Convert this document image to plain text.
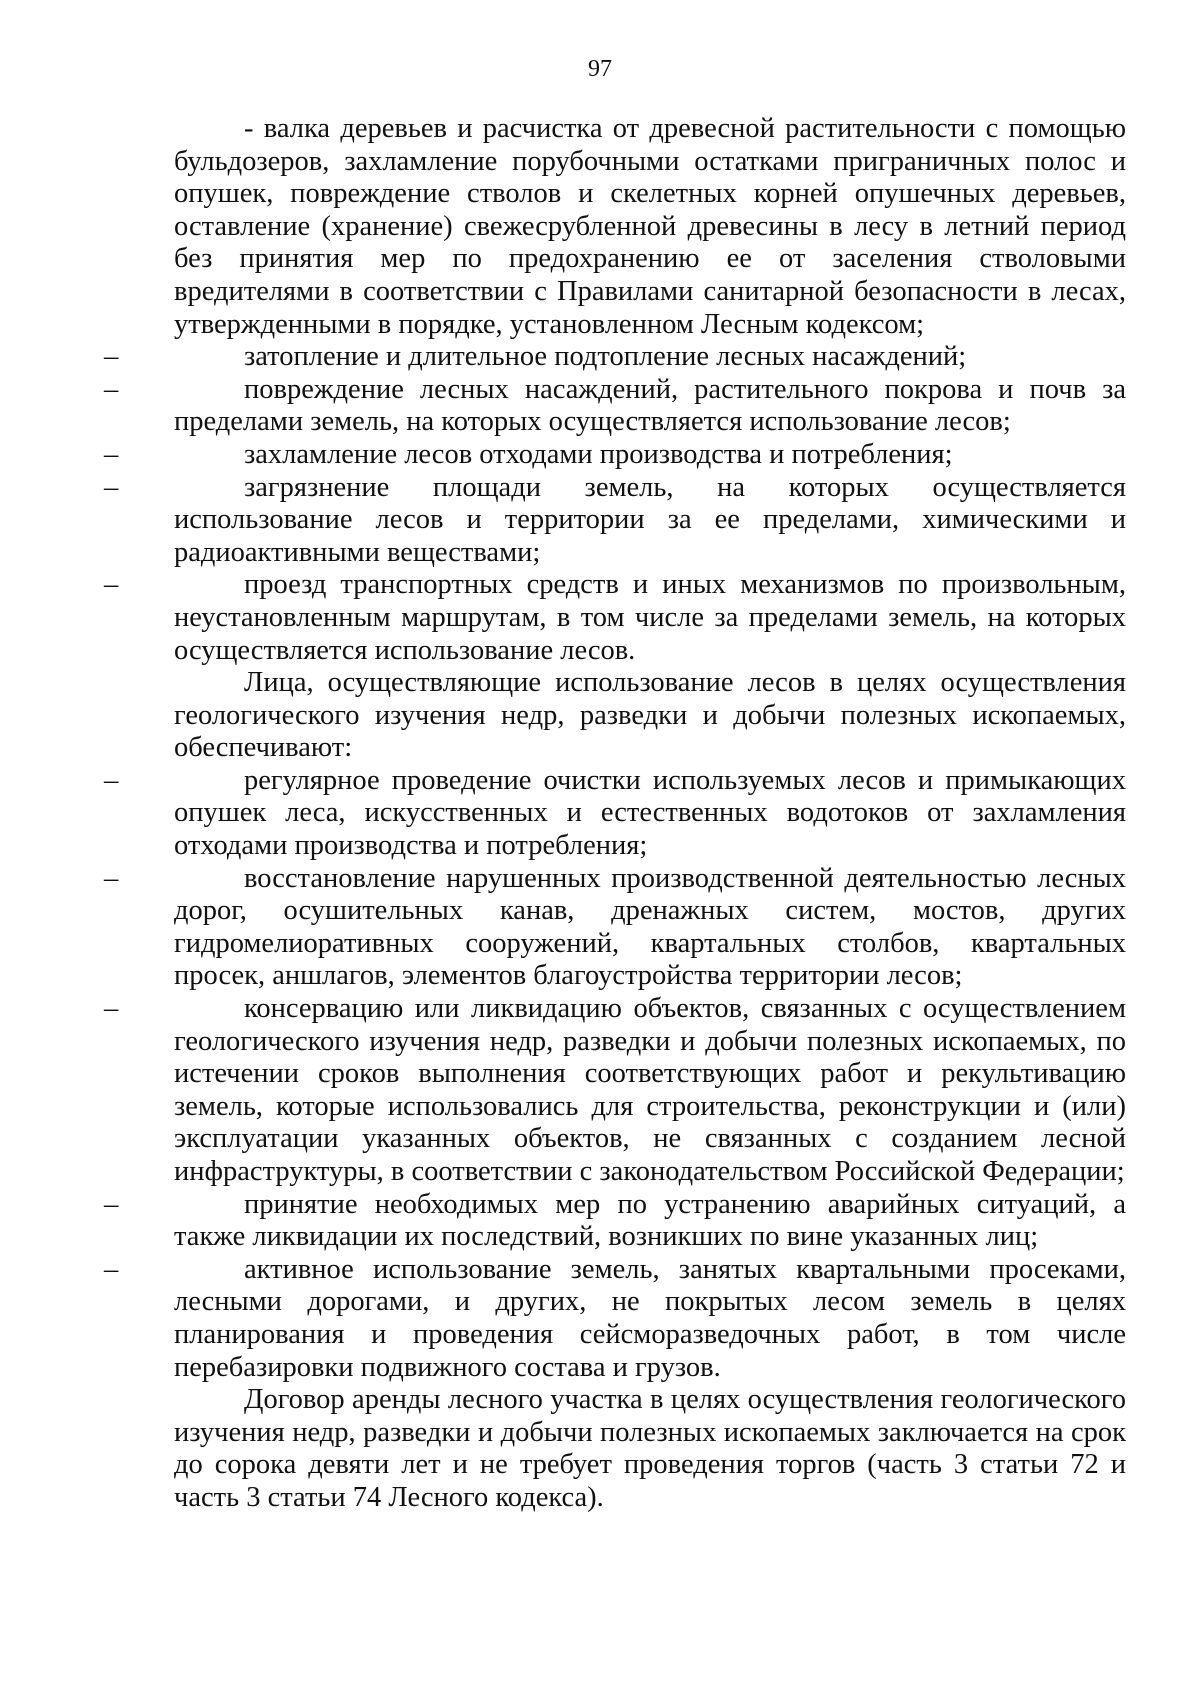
97

- валка деревьев и расчистка от древесной растительности с помощью бульдозеров, захламление порубочными остатками приграничных полос и опушек, повреждение стволов и скелетных корней опушечных деревьев, оставление (хранение) свежесрубленной древесины в лесу в летний период без принятия мер по предохранению ее от заселения стволовыми вредителями в соответствии с Правилами санитарной безопасности в лесах, утвержденными в порядке, установленном Лесным кодексом;

–	затопление и длительное подтопление лесных насаждений;

–	повреждение лесных насаждений, растительного покрова и почв за пределами земель, на которых осуществляется использование лесов;

–	захламление лесов отходами производства и потребления;

–	загрязнение площади земель, на которых осуществляется использование лесов и территории за ее пределами, химическими и радиоактивными веществами;

–	проезд транспортных средств и иных механизмов по произвольным, неустановленным маршрутам, в том числе за пределами земель, на которых осуществляется использование лесов.

Лица, осуществляющие использование лесов в целях осуществления геологического изучения недр, разведки и добычи полезных ископаемых, обеспечивают:

–	регулярное проведение очистки используемых лесов и примыкающих опушек леса, искусственных и естественных водотоков от захламления отходами производства и потребления;

–	восстановление нарушенных производственной деятельностью лесных дорог, осушительных канав, дренажных систем, мостов, других гидромелиоративных сооружений, квартальных столбов, квартальных просек, аншлагов, элементов благоустройства территории лесов;

–	консервацию или ликвидацию объектов, связанных с осуществлением геологического изучения недр, разведки и добычи полезных ископаемых, по истечении сроков выполнения соответствующих работ и рекультивацию земель, которые использовались для строительства, реконструкции и (или) эксплуатации указанных объектов, не связанных с созданием лесной инфраструктуры, в соответствии с законодательством Российской Федерации;

–	принятие необходимых мер по устранению аварийных ситуаций, а также ликвидации их последствий, возникших по вине указанных лиц;

–	активное использование земель, занятых квартальными просеками, лесными дорогами, и других, не покрытых лесом земель в целях планирования и проведения сейсморазведочных работ, в том числе перебазировки подвижного состава и грузов.

Договор аренды лесного участка в целях осуществления геологического изучения недр, разведки и добычи полезных ископаемых заключается на срок до сорока девяти лет и не требует проведения торгов (часть 3 статьи 72 и часть 3 статьи 74 Лесного кодекса).
